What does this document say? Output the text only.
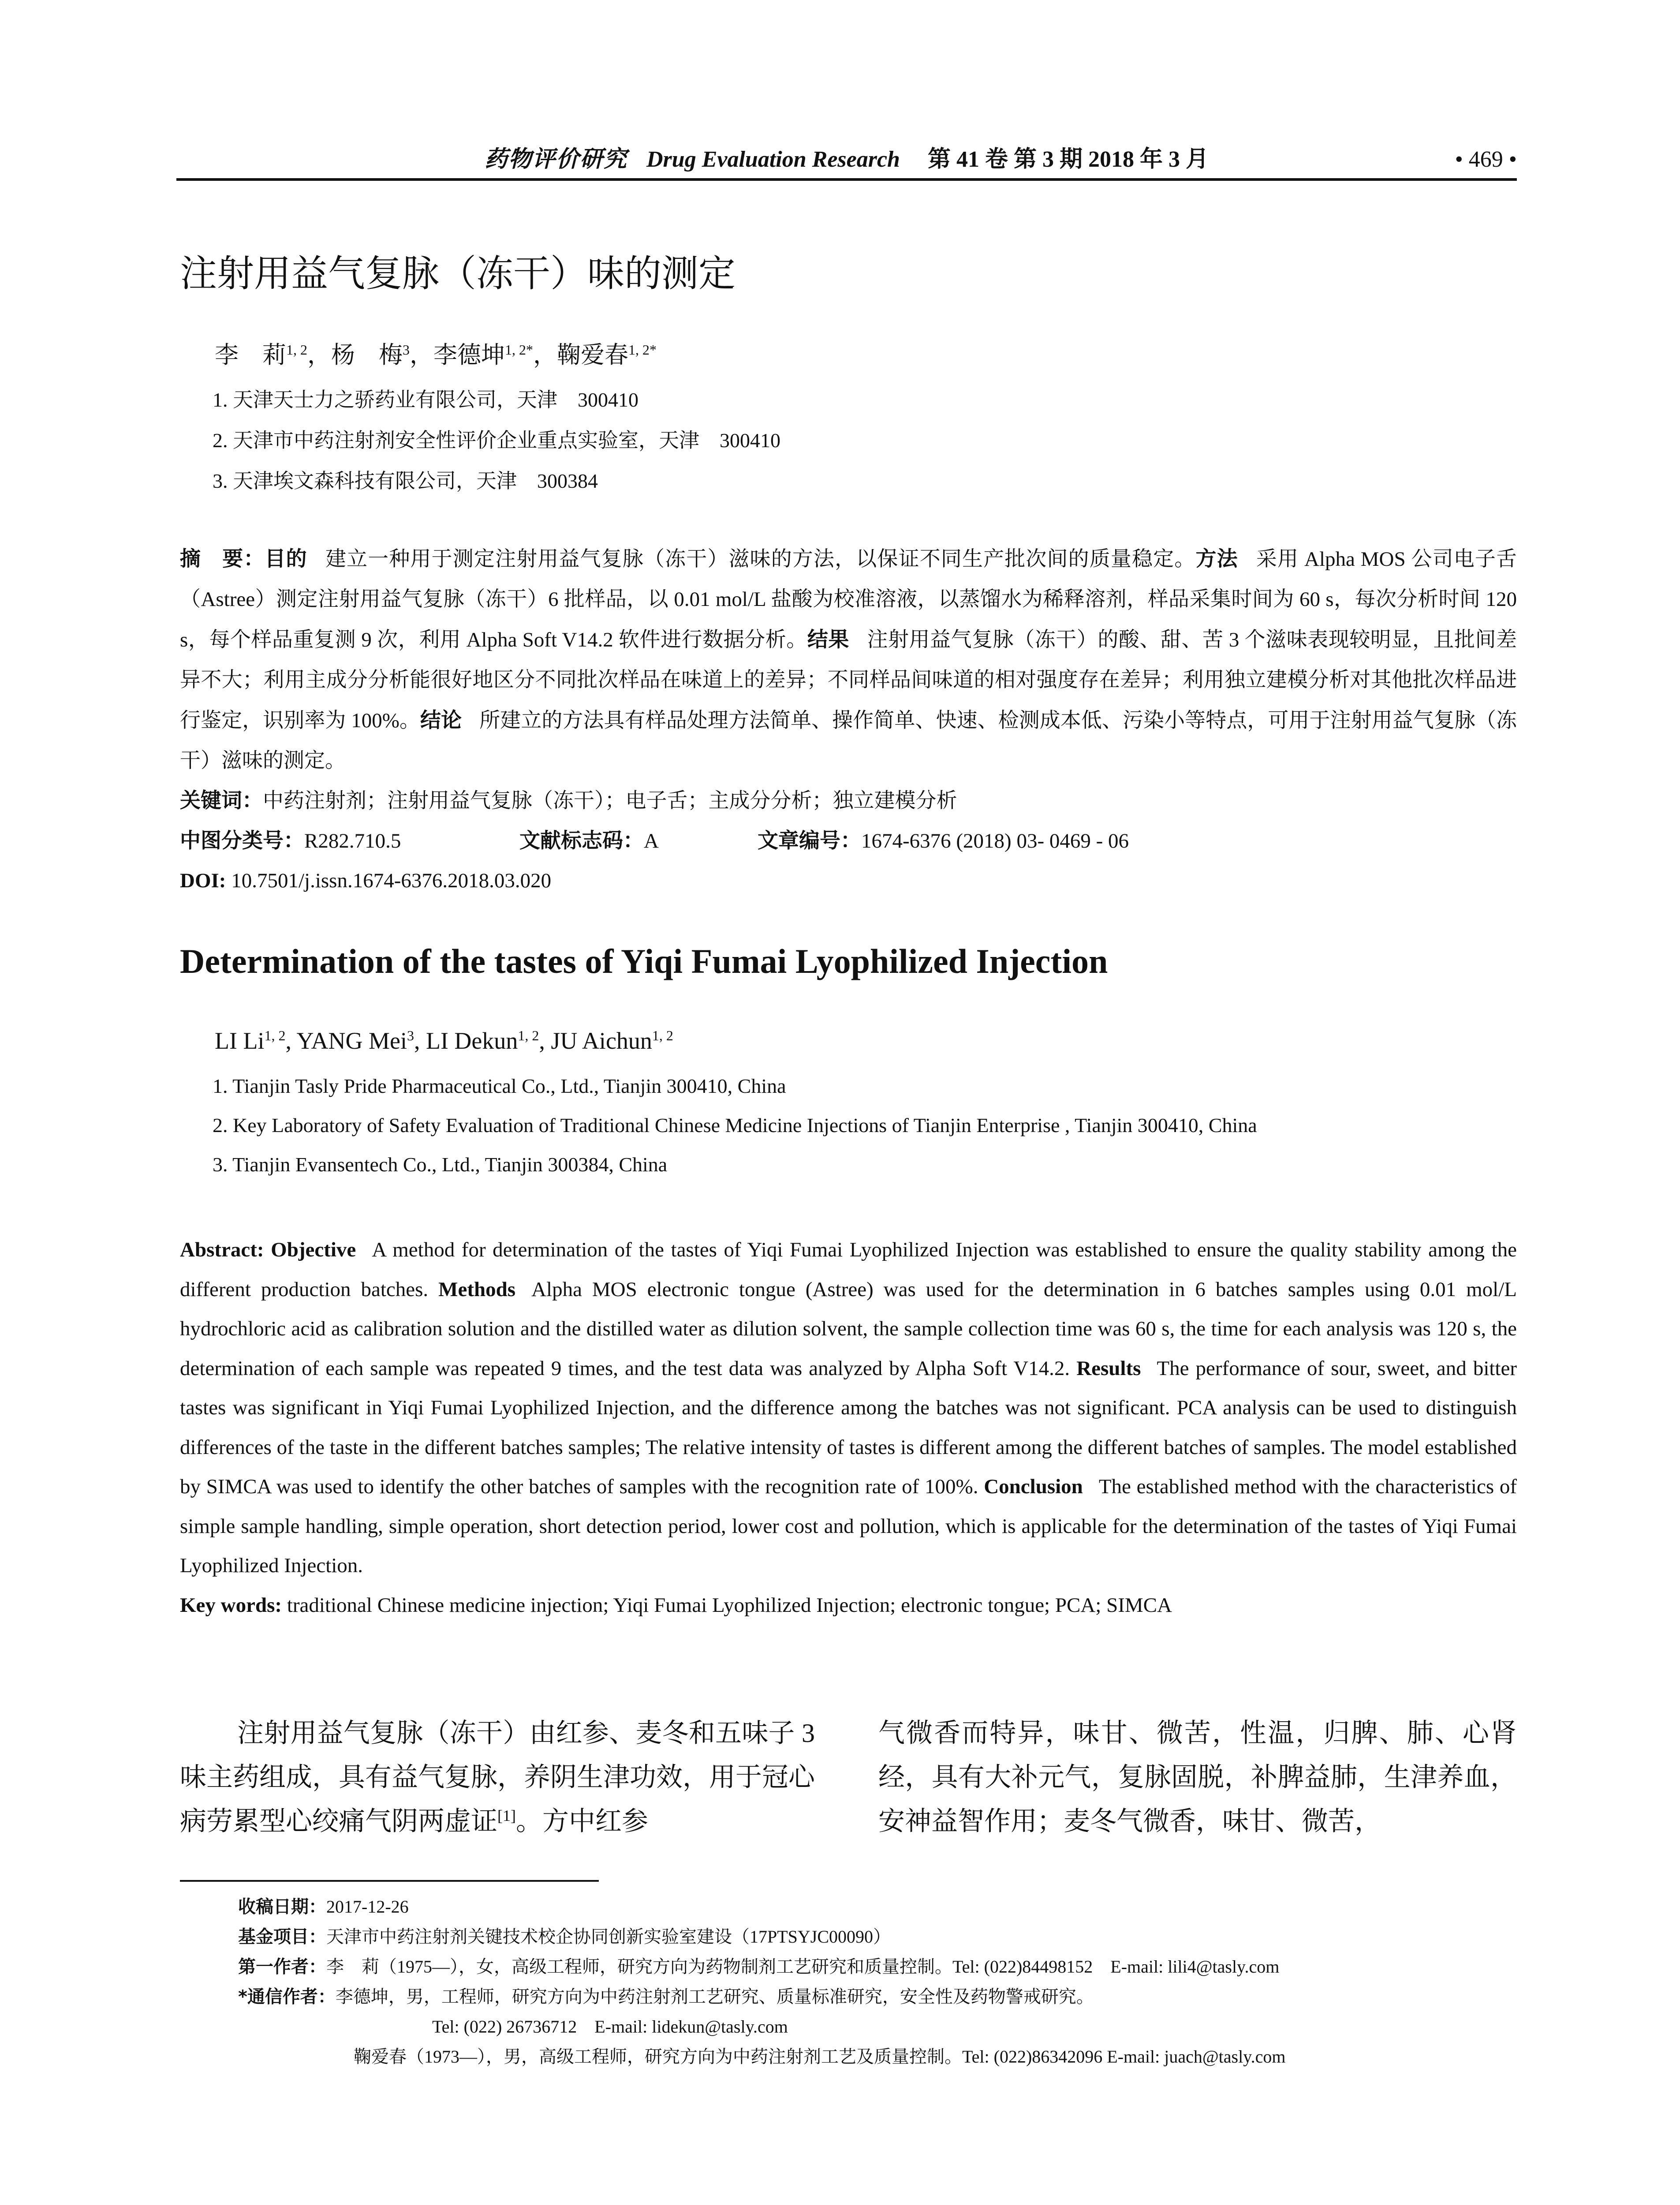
药物评价研究 Drug Evaluation Research 第 41 卷 第 3 期 2018 年 3 月	• 469 •
注射用益气复脉（冻干）味的测定
李　莉$^{1, 2}$，杨　梅$^3$，李德坤$^{1, 2*}$，鞠爱春$^{1, 2*}$
1. 天津天士力之骄药业有限公司，天津　300410
2. 天津市中药注射剂安全性评价企业重点实验室，天津　300410
3. 天津埃文森科技有限公司，天津　300384
摘　要：目的 建立一种用于测定注射用益气复脉（冻干）滋味的方法，以保证不同生产批次间的质量稳定。方法 采用 Alpha MOS 公司电子舌（Astree）测定注射用益气复脉（冻干）6 批样品，以 0.01 mol/L 盐酸为校准溶液，以蒸馏水为稀释溶剂，样品采集时间为 60 s，每次分析时间 120 s，每个样品重复测 9 次，利用 Alpha Soft V14.2 软件进行数据分析。结果 注射用益气复脉（冻干）的酸、甜、苦 3 个滋味表现较明显，且批间差异不大；利用主成分分析能很好地区分不同批次样品在味道上的差异；不同样品间味道的相对强度存在差异；利用独立建模分析对其他批次样品进行鉴定，识别率为 100%。结论 所建立的方法具有样品处理方法简单、操作简单、快速、检测成本低、污染小等特点，可用于注射用益气复脉（冻干）滋味的测定。
关键词：中药注射剂；注射用益气复脉（冻干）；电子舌；主成分分析；独立建模分析
中图分类号：R282.710.5	文献标志码：A	文章编号：1674-6376 (2018) 03- 0469 - 06
DOI: 10.7501/j.issn.1674-6376.2018.03.020
Determination of the tastes of Yiqi Fumai Lyophilized Injection
LI Li$^{1, 2}$, YANG Mei$^3$, LI Dekun$^{1, 2}$, JU Aichun$^{1, 2}$
1. Tianjin Tasly Pride Pharmaceutical Co., Ltd., Tianjin 300410, China
2. Key Laboratory of Safety Evaluation of Traditional Chinese Medicine Injections of Tianjin Enterprise , Tianjin 300410, China
3. Tianjin Evansentech Co., Ltd., Tianjin 300384, China
Abstract: Objective A method for determination of the tastes of Yiqi Fumai Lyophilized Injection was established to ensure the quality stability among the different production batches. Methods Alpha MOS electronic tongue (Astree) was used for the determination in 6 batches samples using 0.01 mol/L hydrochloric acid as calibration solution and the distilled water as dilution solvent, the sample collection time was 60 s, the time for each analysis was 120 s, the determination of each sample was repeated 9 times, and the test data was analyzed by Alpha Soft V14.2. Results The performance of sour, sweet, and bitter tastes was significant in Yiqi Fumai Lyophilized Injection, and the difference among the batches was not significant. PCA analysis can be used to distinguish differences of the taste in the different batches samples; The relative intensity of tastes is different among the different batches of samples. The model established by SIMCA was used to identify the other batches of samples with the recognition rate of 100%. Conclusion The established method with the characteristics of simple sample handling, simple operation, short detection period, lower cost and pollution, which is applicable for the determination of the tastes of Yiqi Fumai Lyophilized Injection.
Key words: traditional Chinese medicine injection; Yiqi Fumai Lyophilized Injection; electronic tongue; PCA; SIMCA
注射用益气复脉（冻干）由红参、麦冬和五味子 3 味主药组成，具有益气复脉，养阴生津功效，用于冠心病劳累型心绞痛气阴两虚证[1]。方中红参
气微香而特异，味甘、微苦，性温，归脾、肺、心肾经，具有大补元气，复脉固脱，补脾益肺，生津养血，安神益智作用；麦冬气微香，味甘、微苦，
收稿日期：2017-12-26
基金项目：天津市中药注射剂关键技术校企协同创新实验室建设（17PTSYJC00090）
第一作者：李　莉（1975—），女，高级工程师，研究方向为药物制剂工艺研究和质量控制。Tel: (022)84498152　E-mail: lili4@tasly.com
*通信作者：李德坤，男，工程师，研究方向为中药注射剂工艺研究、质量标准研究，安全性及药物警戒研究。
Tel: (022) 26736712　E-mail: lidekun@tasly.com
鞠爱春（1973—），男，高级工程师，研究方向为中药注射剂工艺及质量控制。Tel: (022)86342096 E-mail: juach@tasly.com
